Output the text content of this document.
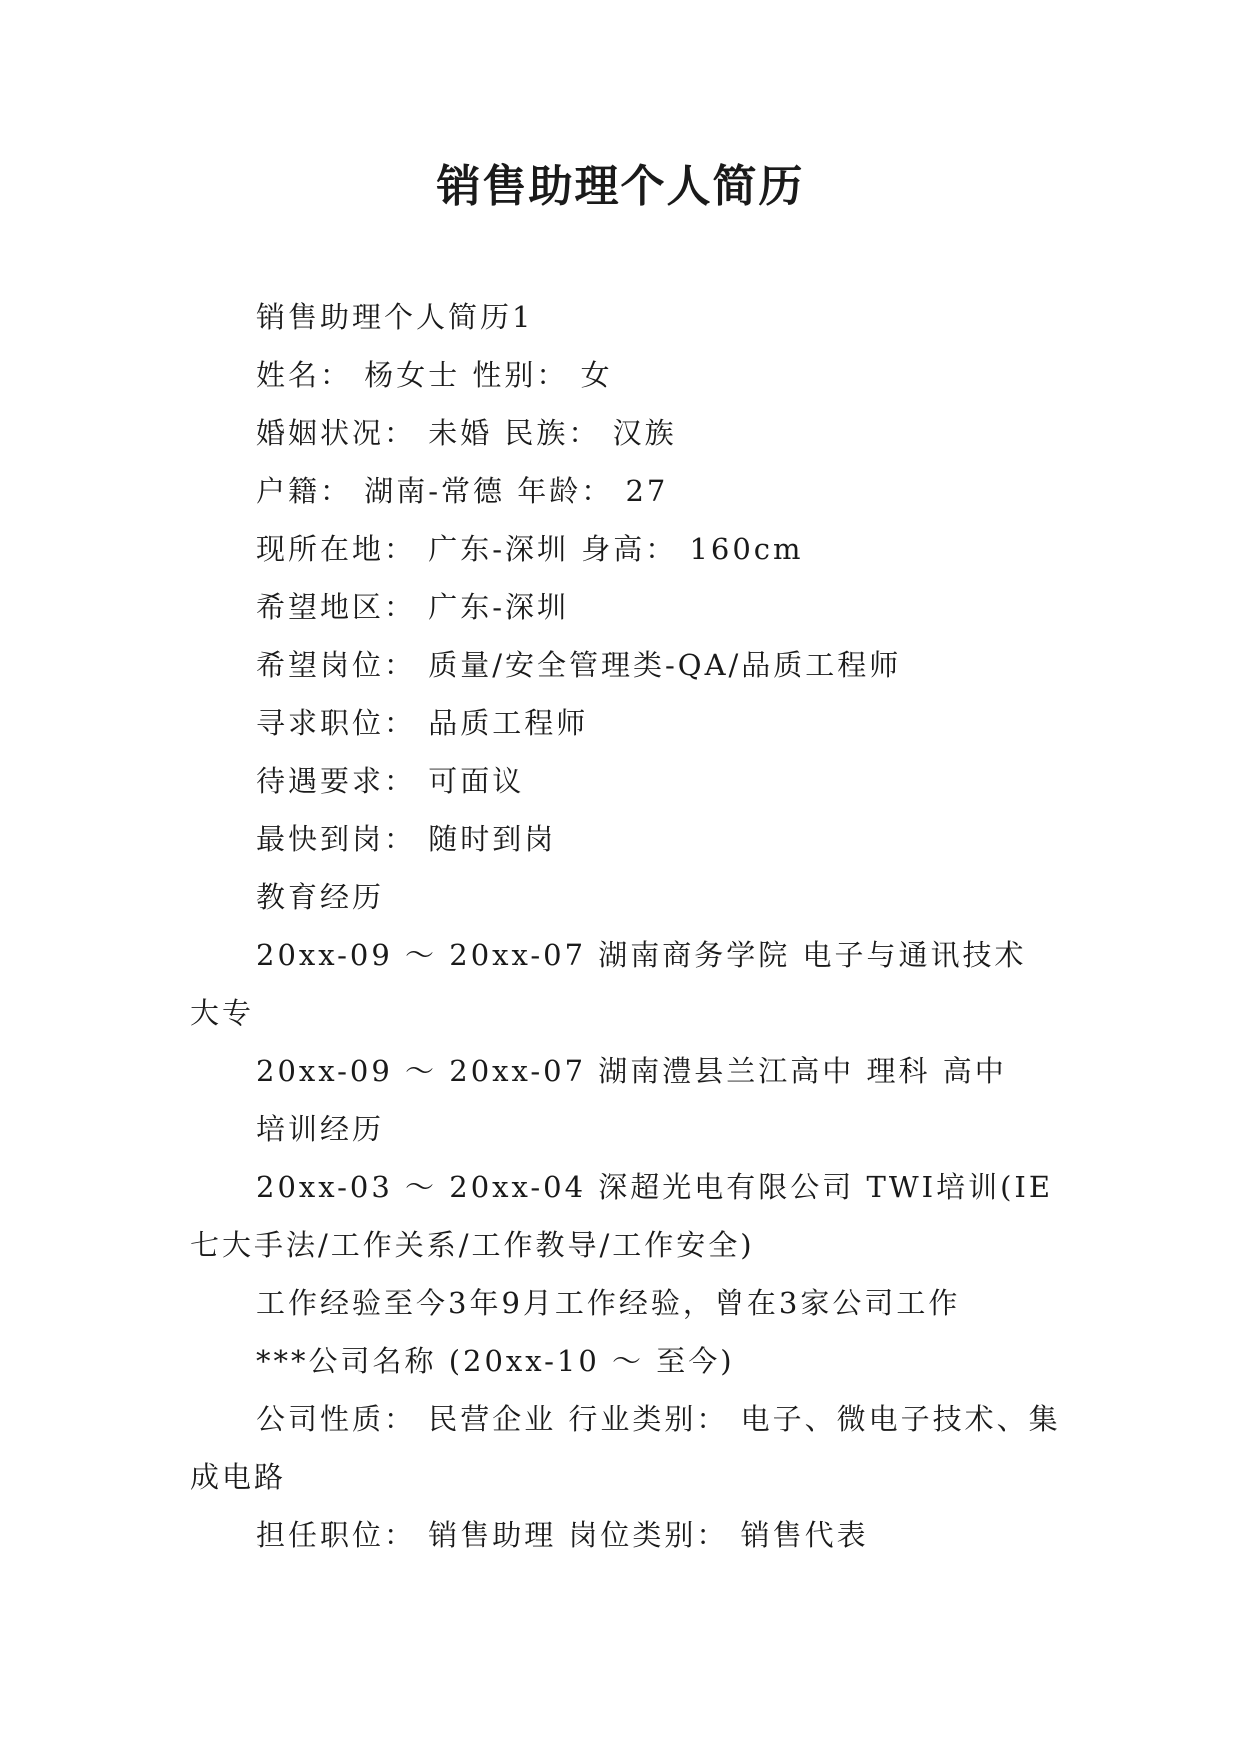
销售助理个人简历

销售助理个人简历1

姓名： 杨女士 性别： 女

婚姻状况： 未婚 民族： 汉族

户籍： 湖南-常德 年龄： 27

现所在地： 广东-深圳 身高： 160cm

希望地区： 广东-深圳

希望岗位： 质量/安全管理类-QA/品质工程师

寻求职位： 品质工程师

待遇要求： 可面议

最快到岗： 随时到岗

教育经历

20xx-09 ～ 20xx-07 湖南商务学院 电子与通讯技术 大专

20xx-09 ～ 20xx-07 湖南澧县兰江高中 理科 高中

培训经历

20xx-03 ～ 20xx-04 深超光电有限公司 TWI培训(IE七大手法/工作关系/工作教导/工作安全)

工作经验至今3年9月工作经验，曾在3家公司工作

***公司名称 (20xx-10 ～ 至今)

公司性质： 民营企业 行业类别： 电子、微电子技术、集成电路

担任职位： 销售助理 岗位类别： 销售代表
